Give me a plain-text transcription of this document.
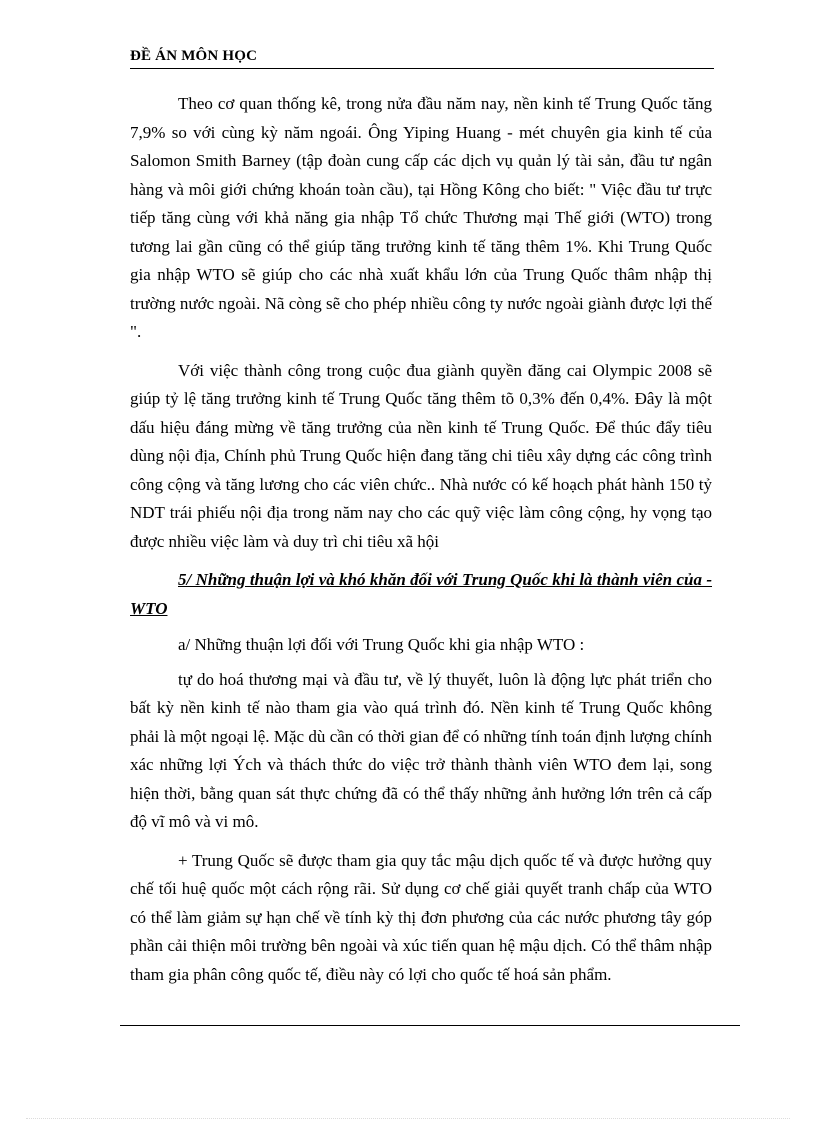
ĐỀ ÁN MÔN HỌC

Theo cơ quan thống kê, trong nửa đầu năm nay, nền kinh tế Trung Quốc tăng 7,9% so với cùng kỳ năm ngoái. Ông Yiping Huang - mét chuyên gia kinh tế của Salomon Smith Barney (tập đoàn cung cấp các dịch vụ quản lý tài sản, đầu tư ngân hàng và môi giới chứng khoán toàn cầu), tại Hồng Kông cho biết: " Việc đầu tư trực tiếp tăng cùng với khả năng gia nhập Tổ chức Thương mại Thế giới (WTO) trong tương lai gần cũng có thể giúp tăng trưởng kinh tế tăng thêm 1%. Khi Trung Quốc gia nhập WTO sẽ giúp cho các nhà xuất khẩu lớn của Trung Quốc thâm nhập thị trường nước ngoài. Nã còng sẽ cho phép nhiều công ty nước ngoài giành được lợi thế ".

Với việc thành công trong cuộc đua giành quyền đăng cai Olympic 2008 sẽ giúp tỷ lệ tăng trưởng kinh tế Trung Quốc tăng thêm tõ 0,3% đến 0,4%. Đây là một dấu hiệu đáng mừng về tăng trưởng của nền kinh tế Trung Quốc. Để thúc đẩy tiêu dùng nội địa, Chính phủ Trung Quốc hiện đang tăng chi tiêu xây dựng các công trình công cộng và tăng lương cho các viên chức.. Nhà nước có kế hoạch phát hành 150 tỷ NDT trái phiếu nội địa trong năm nay cho các quỹ việc làm công cộng, hy vọng tạo được nhiều việc làm và duy trì chi tiêu xã hội

5/ Những thuận lợi và khó khăn đối với Trung Quốc khi là thành viên của - WTO

a/ Những thuận lợi đối với Trung Quốc khi gia nhập WTO :

tự do hoá thương mại và đầu tư, về lý thuyết, luôn là động lực phát triển cho bất kỳ nền kinh tế nào tham gia vào quá trình đó. Nền kinh tế Trung Quốc không phải là một ngoại lệ. Mặc dù cần có thời gian để có những tính toán định lượng chính xác những lợi Ých và thách thức do việc trở thành thành viên WTO đem lại, song hiện thời, bằng quan sát thực chứng đã có thể thấy những ảnh hưởng lớn trên cả cấp độ vĩ mô và vi mô.

+ Trung Quốc sẽ được tham gia quy tắc mậu dịch quốc tế và được hưởng quy chế tối huệ quốc một cách rộng rãi. Sử dụng cơ chế giải quyết tranh chấp của WTO có thể làm giảm sự hạn chế về tính kỳ thị đơn phương của các nước phương tây góp phần cải thiện môi trường bên ngoài và xúc tiến quan hệ mậu dịch. Có thể thâm nhập tham gia phân công quốc tế, điều này có lợi cho quốc tế hoá sản phẩm.
